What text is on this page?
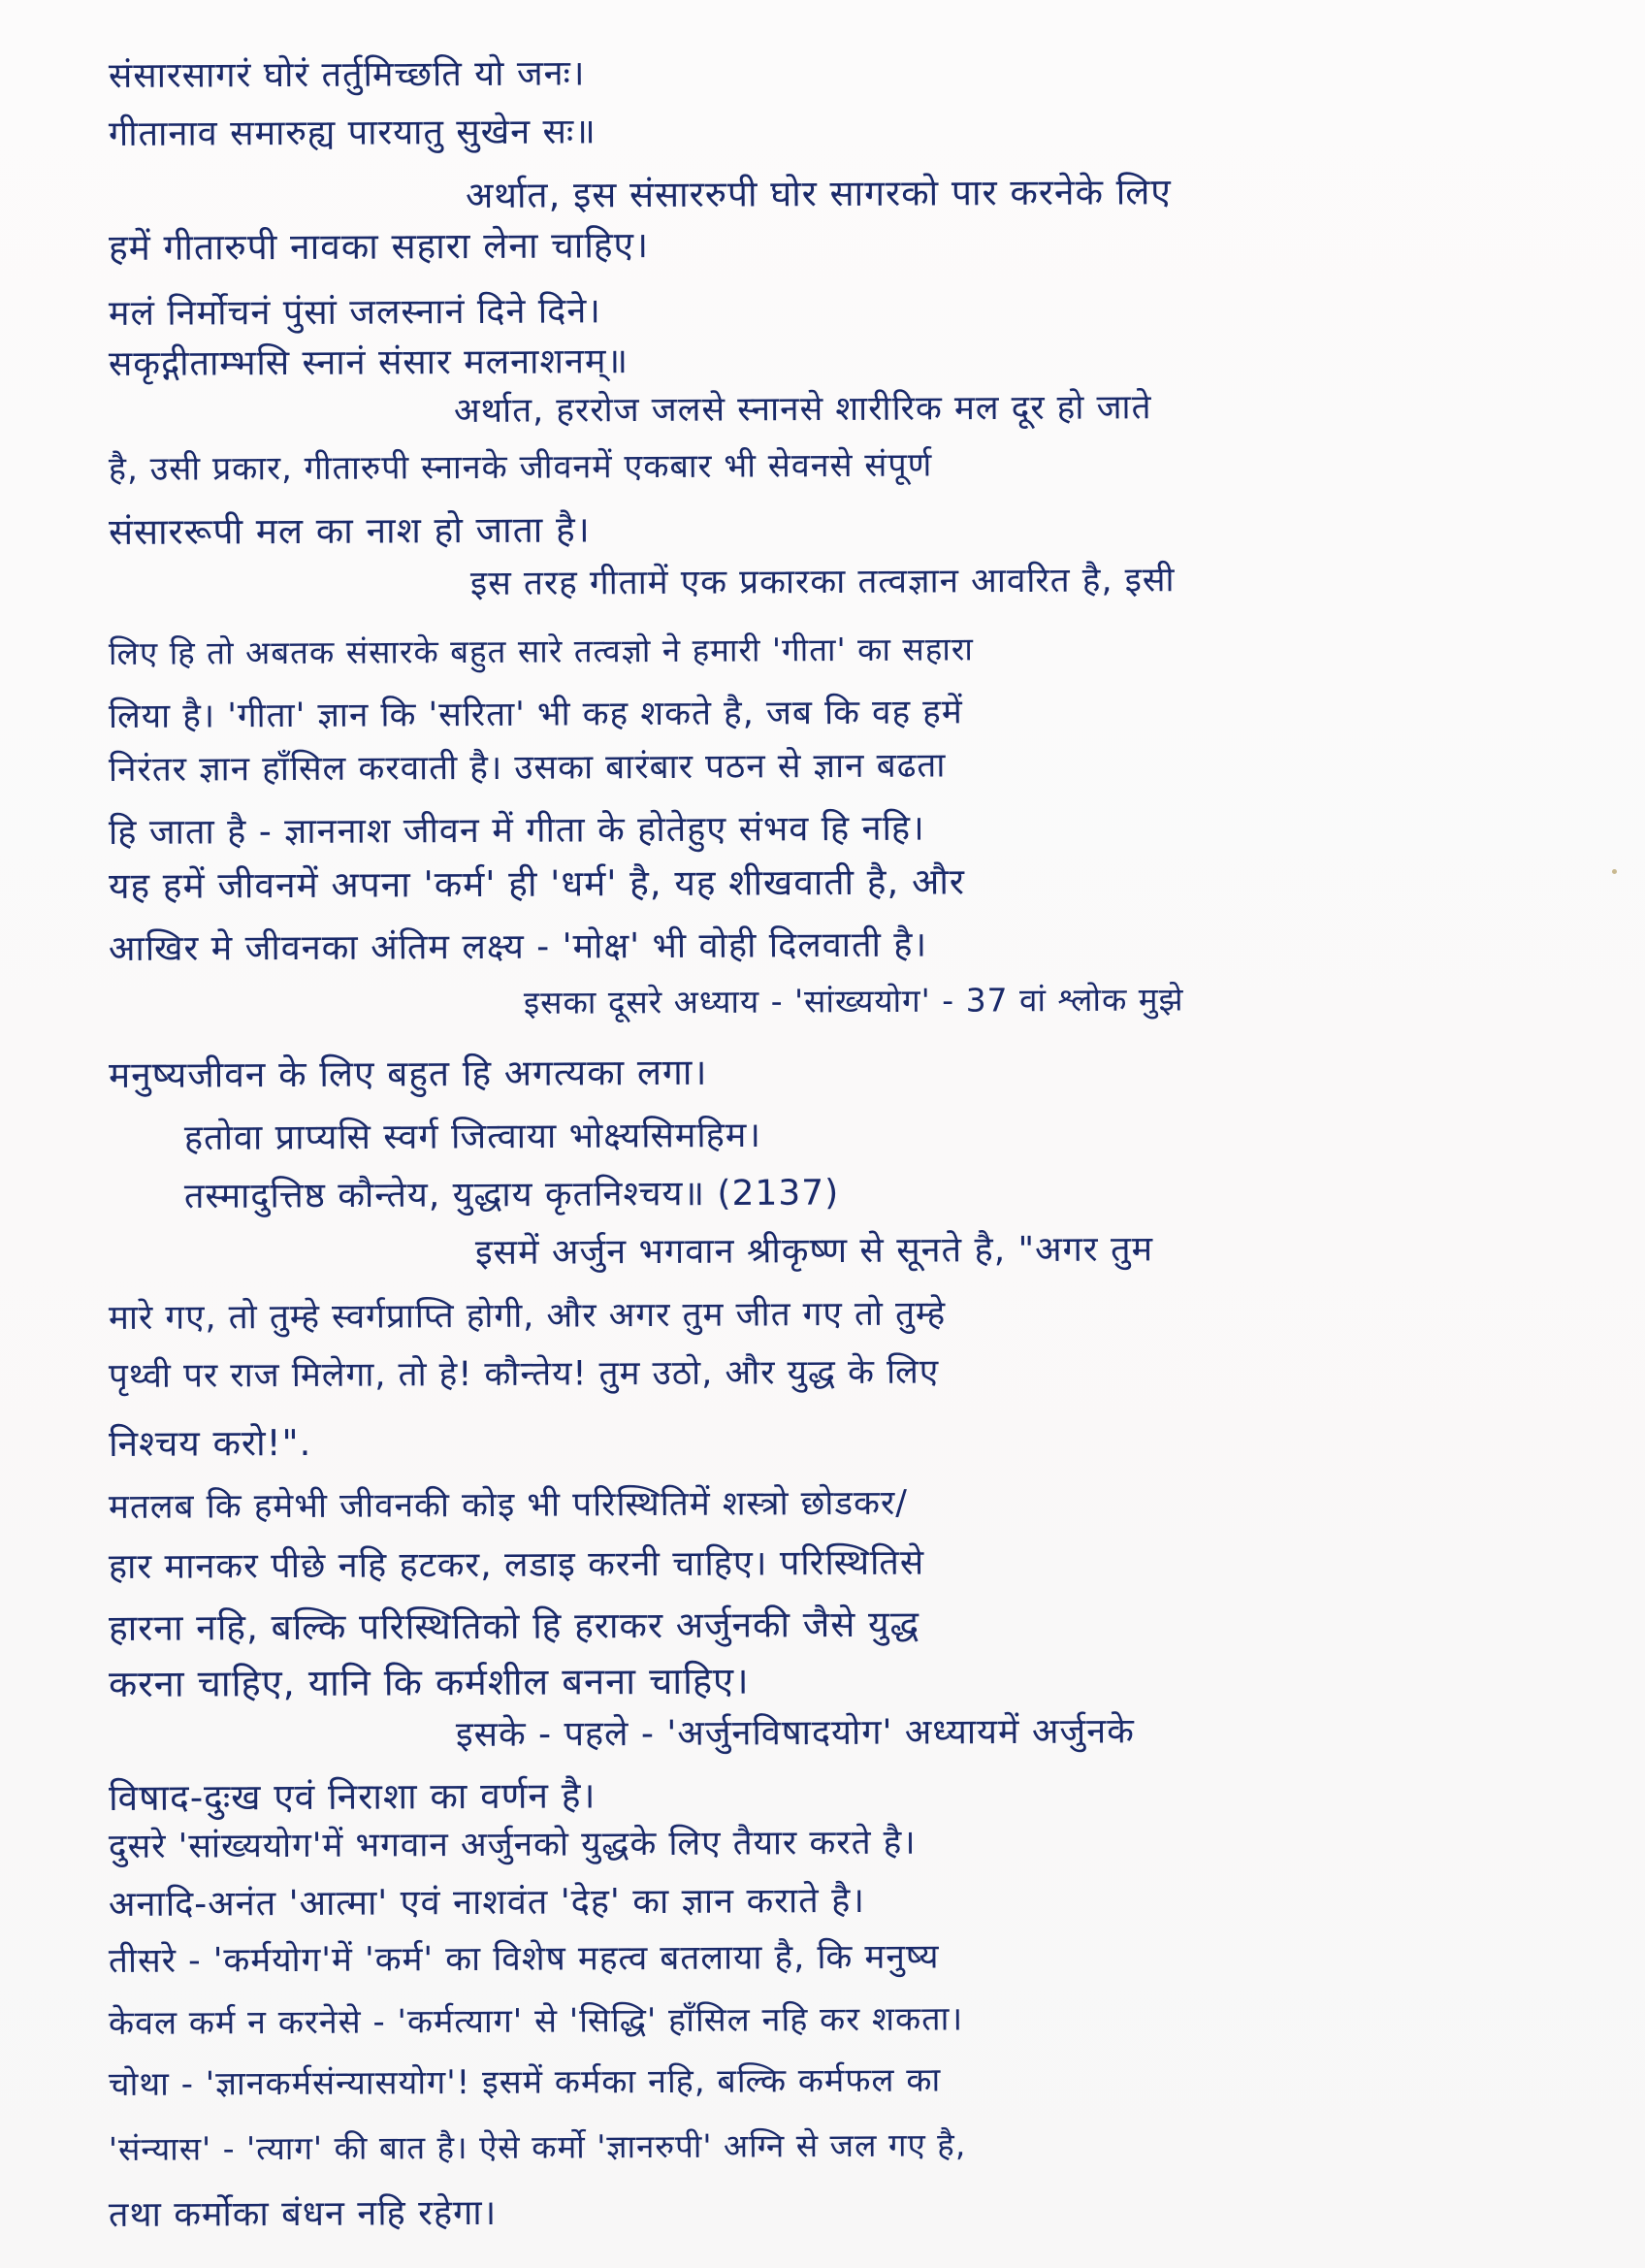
संसारसागरं घोरं तर्तुमिच्छति यो जनः।
गीतानाव समारुह्य पारयातु सुखेन सः॥
अर्थात, इस संसाररुपी घोर सागरको पार करनेके लिए
हमें गीतारुपी नावका सहारा लेना चाहिए।
मलं निर्मोचनं पुंसां जलस्नानं दिने दिने।
सकृद्गीताम्भसि स्नानं संसार मलनाशनम्॥
अर्थात, हररोज जलसे स्नानसे शारीरिक मल दूर हो जाते
है, उसी प्रकार, गीतारुपी स्नानके जीवनमें एकबार भी सेवनसे संपूर्ण
संसाररूपी मल का नाश हो जाता है।
इस तरह गीतामें एक प्रकारका तत्वज्ञान आवरित है, इसी
लिए हि तो अबतक संसारके बहुत सारे तत्वज्ञो ने हमारी 'गीता' का सहारा
लिया है। 'गीता' ज्ञान कि 'सरिता' भी कह शकते है, जब कि वह हमें
निरंतर ज्ञान हाँसिल करवाती है। उसका बारंबार पठन से ज्ञान बढता
हि जाता है - ज्ञाननाश जीवन में गीता के होतेहुए संभव हि नहि।
यह हमें जीवनमें अपना 'कर्म' ही 'धर्म' है, यह शीखवाती है, और
आखिर मे जीवनका अंतिम लक्ष्य - 'मोक्ष' भी वोही दिलवाती है।
इसका दूसरे अध्याय - 'सांख्ययोग' - 37 वां श्लोक मुझे
मनुष्यजीवन के लिए बहुत हि अगत्यका लगा।
हतोवा प्राप्यसि स्वर्ग जित्वाया भोक्ष्यसिमहिम।
तस्मादुत्तिष्ठ कौन्तेय, युद्धाय कृतनिश्चय॥ (2137)
इसमें अर्जुन भगवान श्रीकृष्ण से सूनते है, "अगर तुम
मारे गए, तो तुम्हे स्वर्गप्राप्ति होगी, और अगर तुम जीत गए तो तुम्हे
पृथ्वी पर राज मिलेगा, तो हे! कौन्तेय! तुम उठो, और युद्ध के लिए
निश्चय करो!".
मतलब कि हमेभी जीवनकी कोइ भी परिस्थितिमें शस्त्रो छोडकर/
हार मानकर पीछे नहि हटकर, लडाइ करनी चाहिए। परिस्थितिसे
हारना नहि, बल्कि परिस्थितिको हि हराकर अर्जुनकी जैसे युद्ध
करना चाहिए, यानि कि कर्मशील बनना चाहिए।
इसके - पहले - 'अर्जुनविषादयोग' अध्यायमें अर्जुनके
विषाद-दुःख एवं निराशा का वर्णन है।
दुसरे 'सांख्ययोग'में भगवान अर्जुनको युद्धके लिए तैयार करते है।
अनादि-अनंत 'आत्मा' एवं नाशवंत 'देह' का ज्ञान कराते है।
तीसरे - 'कर्मयोग'में 'कर्म' का विशेष महत्व बतलाया है, कि मनुष्य
केवल कर्म न करनेसे - 'कर्मत्याग' से 'सिद्धि' हाँसिल नहि कर शकता।
चोथा - 'ज्ञानकर्मसंन्यासयोग'! इसमें कर्मका नहि, बल्कि कर्मफल का
'संन्यास' - 'त्याग' की बात है। ऐसे कर्मो 'ज्ञानरुपी' अग्नि से जल गए है,
तथा कर्मोका बंधन नहि रहेगा।
